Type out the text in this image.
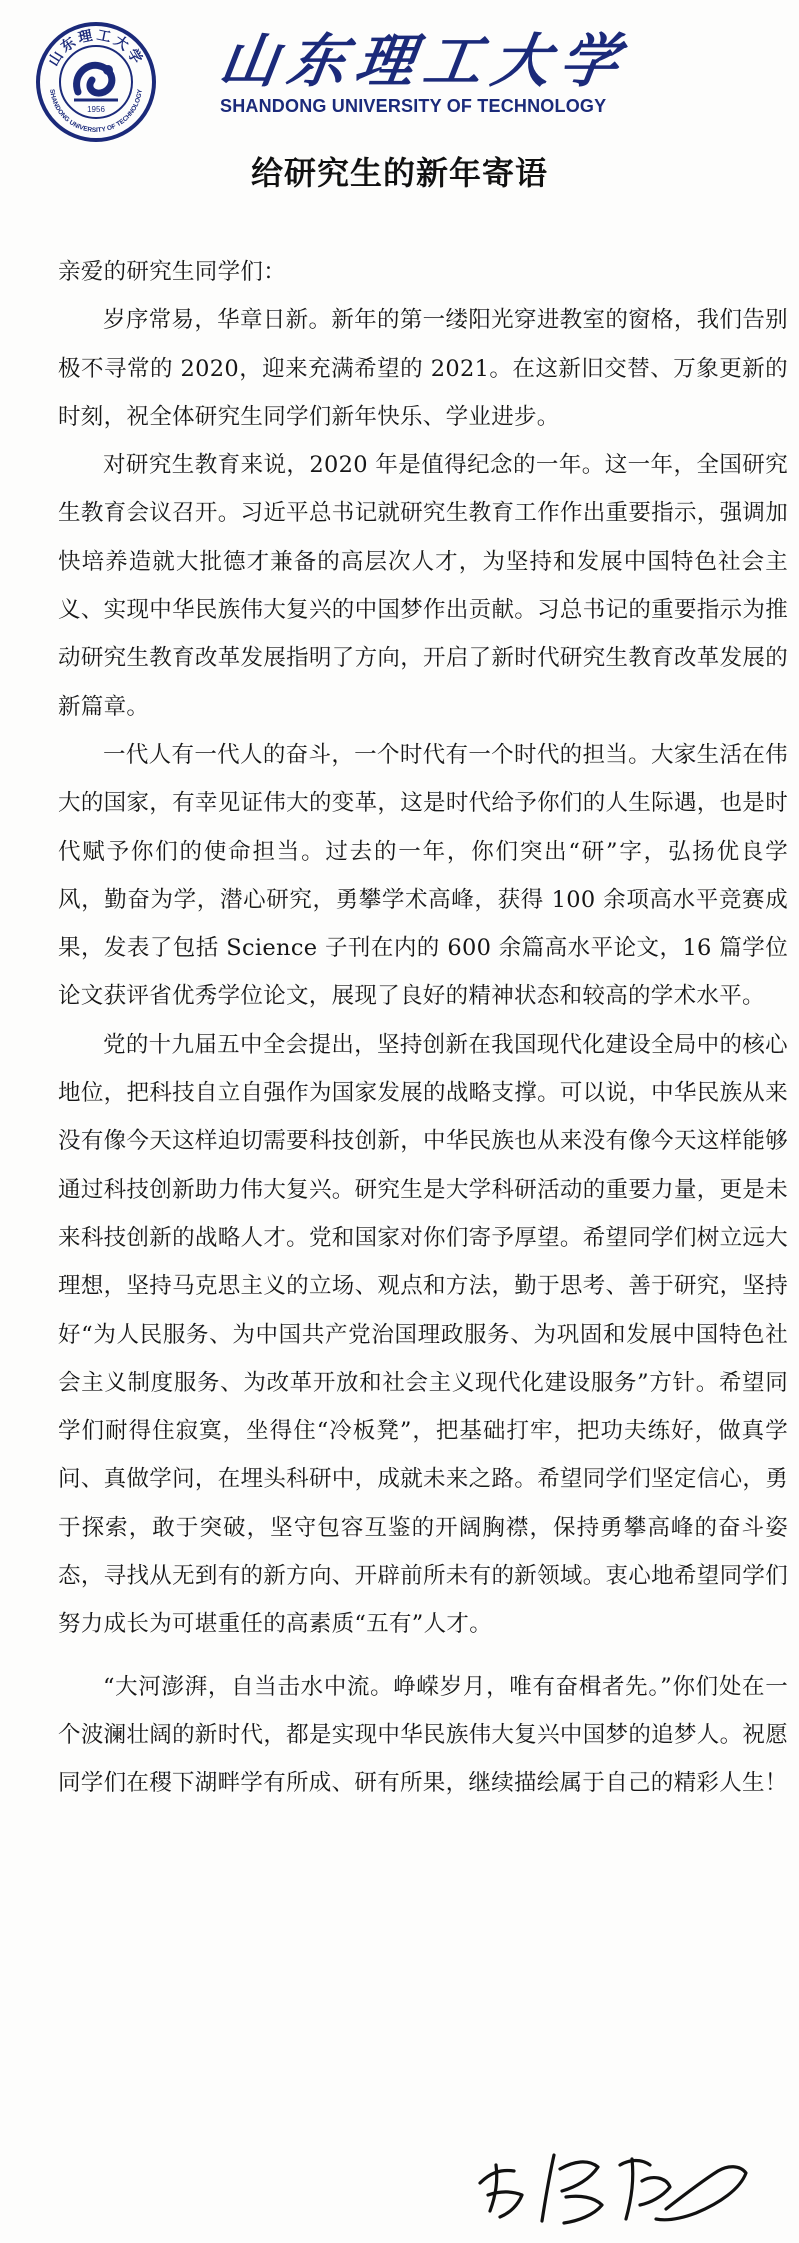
山东理工大学
SHANDONG UNIVERSITY OF TECHNOLOGY
1956
山东理工大学
SHANDONG UNIVERSITY OF TECHNOLOGY
给研究生的新年寄语

亲爱的研究生同学们：

岁序常易，华章日新。新年的第一缕阳光穿进教室的窗格，我们告别极不寻常的 2020，迎来充满希望的 2021。在这新旧交替、万象更新的时刻，祝全体研究生同学们新年快乐、学业进步。

对研究生教育来说，2020 年是值得纪念的一年。这一年，全国研究生教育会议召开。习近平总书记就研究生教育工作作出重要指示，强调加快培养造就大批德才兼备的高层次人才，为坚持和发展中国特色社会主义、实现中华民族伟大复兴的中国梦作出贡献。习总书记的重要指示为推动研究生教育改革发展指明了方向，开启了新时代研究生教育改革发展的新篇章。

一代人有一代人的奋斗，一个时代有一个时代的担当。大家生活在伟大的国家，有幸见证伟大的变革，这是时代给予你们的人生际遇，也是时代赋予你们的使命担当。过去的一年，你们突出“研”字，弘扬优良学风，勤奋为学，潜心研究，勇攀学术高峰，获得 100 余项高水平竞赛成果，发表了包括 Science 子刊在内的 600 余篇高水平论文，16 篇学位论文获评省优秀学位论文，展现了良好的精神状态和较高的学术水平。

党的十九届五中全会提出，坚持创新在我国现代化建设全局中的核心地位，把科技自立自强作为国家发展的战略支撑。可以说，中华民族从来没有像今天这样迫切需要科技创新，中华民族也从来没有像今天这样能够通过科技创新助力伟大复兴。研究生是大学科研活动的重要力量，更是未来科技创新的战略人才。党和国家对你们寄予厚望。希望同学们树立远大理想，坚持马克思主义的立场、观点和方法，勤于思考、善于研究，坚持好“为人民服务、为中国共产党治国理政服务、为巩固和发展中国特色社会主义制度服务、为改革开放和社会主义现代化建设服务”方针。希望同学们耐得住寂寞，坐得住“冷板凳”，把基础打牢，把功夫练好，做真学问、真做学问，在埋头科研中，成就未来之路。希望同学们坚定信心，勇于探索，敢于突破，坚守包容互鉴的开阔胸襟，保持勇攀高峰的奋斗姿态，寻找从无到有的新方向、开辟前所未有的新领域。衷心地希望同学们努力成长为可堪重任的高素质“五有”人才。

“大河澎湃，自当击水中流。峥嵘岁月，唯有奋楫者先。”你们处在一个波澜壮阔的新时代，都是实现中华民族伟大复兴中国梦的追梦人。祝愿同学们在稷下湖畔学有所成、研有所果，继续描绘属于自己的精彩人生！
